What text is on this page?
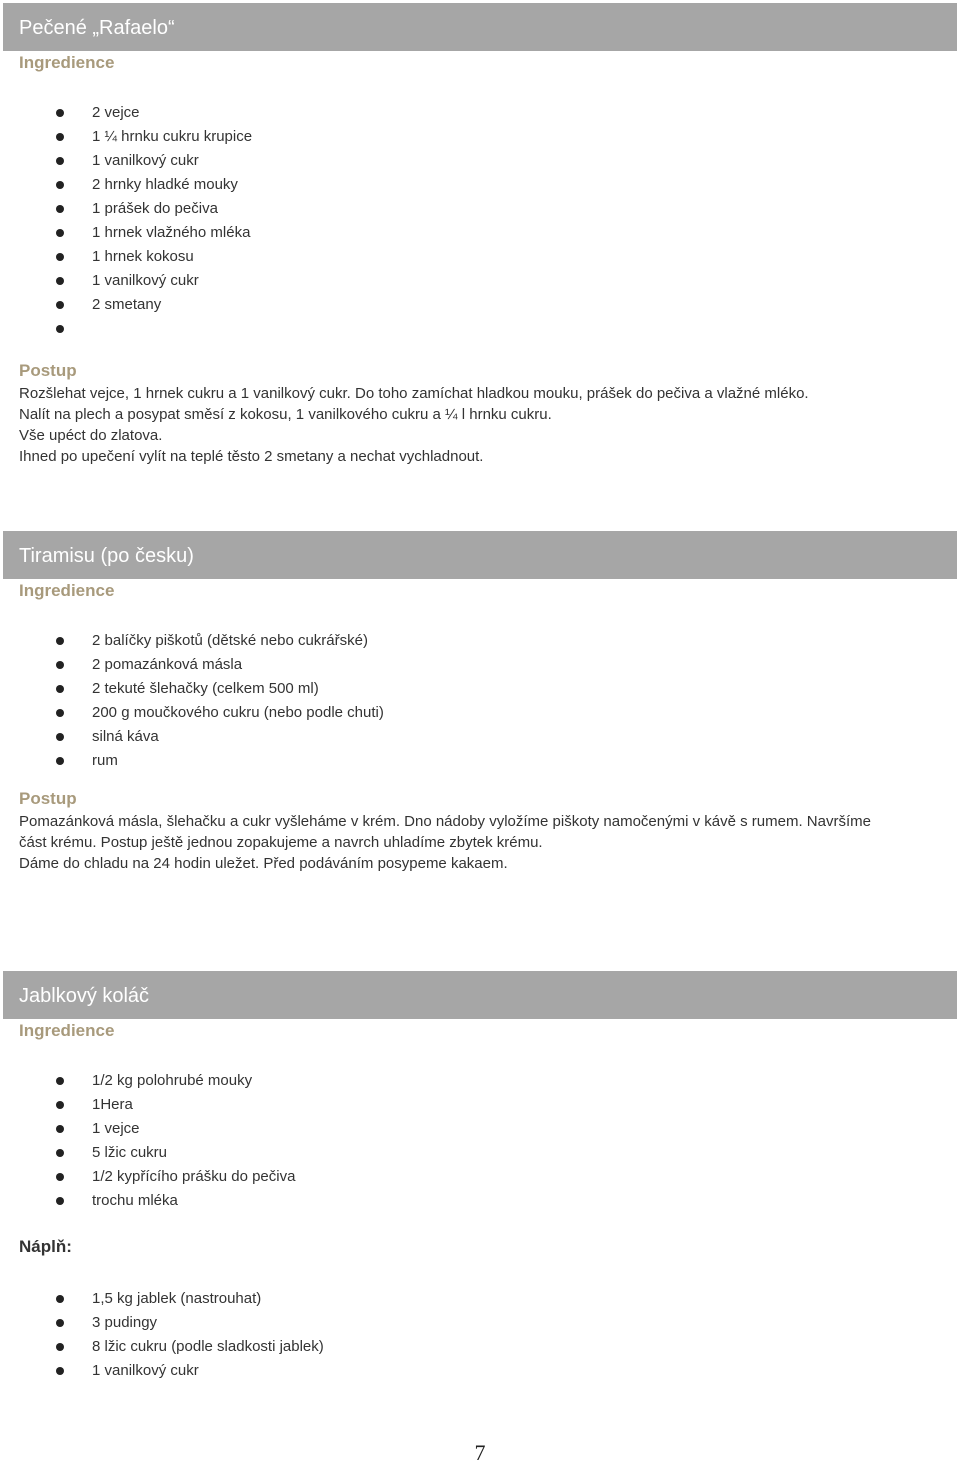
Pečené „Rafaelo“
Ingredience
2 vejce
1 ¼ hrnku cukru krupice
1 vanilkový cukr
2 hrnky hladké mouky
1 prášek do pečiva
1 hrnek vlažného mléka
1 hrnek kokosu
1 vanilkový cukr
2 smetany
Postup

Rozšlehat vejce, 1 hrnek cukru a 1 vanilkový cukr. Do toho zamíchat hladkou mouku, prášek do pečiva a vlažné mléko.

Nalít na plech a posypat směsí z kokosu, 1 vanilkového cukru a ¼ l hrnku cukru.

Vše upéct do zlatova.

Ihned po upečení vylít na teplé těsto 2 smetany a nechat vychladnout.

Tiramisu (po česku)
Ingredience
2 balíčky piškotů (dětské nebo cukrářské)
2 pomazánková másla
2 tekuté šlehačky (celkem 500 ml)
200 g moučkového cukru (nebo podle chuti)
silná káva
rum
Postup

Pomazánková másla, šlehačku a cukr vyšleháme v krém. Dno nádoby vyložíme piškoty namočenými v kávě s rumem. Navršíme část krému. Postup ještě jednou zopakujeme a navrch uhladíme zbytek krému.

Dáme do chladu na 24 hodin uležet. Před podáváním posypeme kakaem.

Jablkový koláč
Ingredience
1/2 kg polohrubé mouky
1Hera
1 vejce
5 lžic cukru
1/2 kypřícího prášku do pečiva
trochu mléka
Náplň:
1,5 kg jablek (nastrouhat)
3 pudingy
8 lžic cukru (podle sladkosti jablek)
1 vanilkový cukr
7
